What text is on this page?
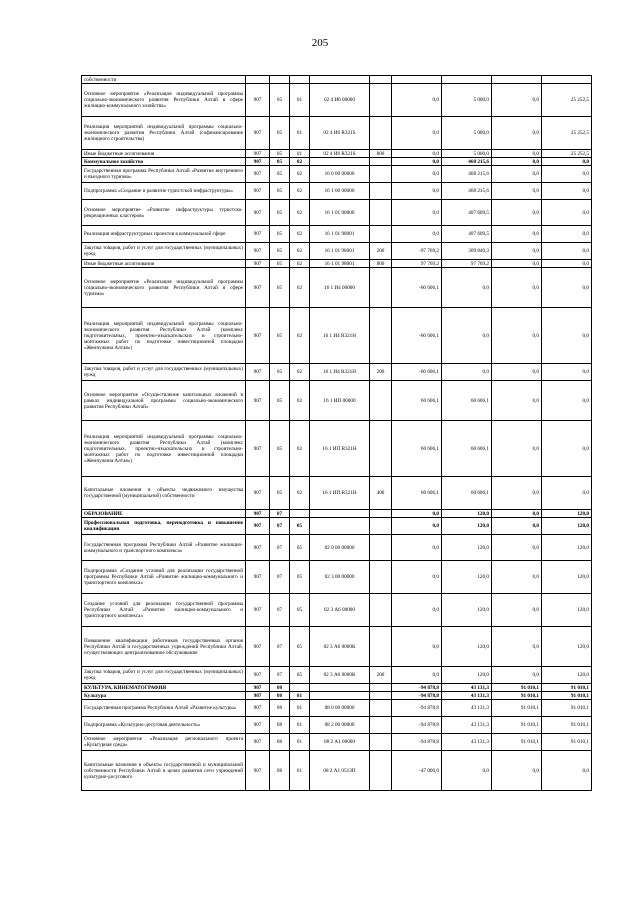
205
собственности									
Основное мероприятие «Реализация индивидуальной программы социально-экономического развития Республики Алтай в сфере жилищно-коммунального хозяйства»	907	05	01	02 4 И6 00000		0,0	5 000,0	0,0	25 252,5
Реализация мероприятий индивидуальной программы социально-экономического развития Республики Алтай (софинансирование жилищного строительства)	907	05	01	02 4 И6 R321S		0,0	5 000,0	0,0	25 252,5
Иные бюджетные ассигнования	907	05	01	02 4 И6 R321S	800	0,0	5 000,0	0,0	25 252,5
Коммунальное хозяйство	907	05	02			0,0	468 215,6	0,0	0,0
Государственная программа Республики Алтай «Развитие внутреннего и въездного туризма»	907	05	02	16 0 00 00000		0,0	468 215,6	0,0	0,0
Подпрограмма «Создание и развитие туристской инфраструктуры»	907	05	02	16 1 00 00000		0,0	468 215,6	0,0	0,0
Основное мероприятие «Развитие инфраструктуры туристско-рекреационных кластеров»	907	05	02	16 1 01 00000		0,0	407 609,5	0,0	0,0
Реализация инфраструктурных проектов в коммунальной сфере	907	05	02	16 1 01 98001		0,0	407 609,5	0,0	0,0
Закупка товаров, работ и услуг для государственных (муниципальных) нужд	907	05	02	16 1 01 98001	200	-97 769,2	309 840,3	0,0	0,0
Иные бюджетные ассигнования	907	05	02	16 1 01 98001	800	97 769,2	97 769,2	0,0	0,0
Основное мероприятие «Реализация индивидуальной программы социально-экономического развития Республики Алтай в сфере туризма»	907	05	02	16 1 И4 00000		-60 606,1	0,0	0,0	0,0
Реализация мероприятий индивидуальной программы социально-экономического развития Республики Алтай (комплекс подготовительных, проектно-изыскательских и строительно-монтажных работ по подготовке инвестиционной площадки «Жемчужина Алтая»)	907	05	02	16 1 И4 R321Н		-60 606,1	0,0	0,0	0,0
Закупка товаров, работ и услуг для государственных (муниципальных) нужд	907	05	02	16 1 И4 R321Н	200	-60 606,1	0,0	0,0	0,0
Основное мероприятие «Осуществление капитальных вложений в рамках индивидуальной программы социально-экономического развития Республики Алтай»	907	05	02	16 1 ИП 00000		60 606,1	60 606,1	0,0	0,0
Реализация мероприятий индивидуальной программы социально-экономического развития Республики Алтай (комплекс подготовительных, проектно-изыскательских и строительно-монтажных работ по подготовке инвестиционной площадки «Жемчужина Алтая»)	907	05	02	16 1 ИП R321Н		60 606,1	60 606,1	0,0	0,0
Капитальные вложения в объекты недвижимого имущества государственной (муниципальной) собственности	907	05	02	16 1 ИП R321Н	400	60 606,1	60 606,1	0,0	0,0
ОБРАЗОВАНИЕ	907	07				0,0	120,0	0,0	120,0
Профессиональная подготовка, переподготовка и повышение квалификации	907	07	05			0,0	120,0	0,0	120,0
Государственная программа Республики Алтай «Развитие жилищно-коммунального и транспортного комплекса»	907	07	05	02 0 00 00000		0,0	120,0	0,0	120,0
Подпрограмма «Создание условий для реализации государственной программы Республики Алтай «Развитие жилищно-коммунального и транспортного комплекса»	907	07	05	02 3 00 00000		0,0	120,0	0,0	120,0
Создание условий для реализации государственной программы Республики Алтай «Развитие жилищно-коммунального и транспортного комплекса»	907	07	05	02 3 А6 00000		0,0	120,0	0,0	120,0
Повышение квалификации работников государственных органов Республики Алтай и государственных учреждений Республики Алтай, осуществляющих централизованное обслуживание	907	07	05	02 3 А6 0000К		0,0	120,0	0,0	120,0
Закупка товаров, работ и услуг для государственных (муниципальных) нужд	907	07	05	02 3 А6 0000К	200	0,0	120,0	0,0	120,0
КУЛЬТУРА, КИНЕМАТОГРАФИЯ	907	08				-94 878,8	43 131,3	91 010,1	91 010,1
Культура	907	08	01			-94 878,8	43 131,3	91 010,1	91 010,1
Государственная программа Республики Алтай «Развитие культуры»	907	08	01	08 0 00 00000		-94 878,8	43 131,3	91 010,1	91 010,1
Подпрограмма «Культурно-досуговая деятельность»	907	08	01	08 2 00 00000		-94 878,8	43 131,3	91 010,1	91 010,1
Основное мероприятие «Реализация регионального проекта «Культурная среда»	907	08	01	08 2 А1 00000		-94 878,8	43 131,3	91 010,1	91 010,1
Капитальные вложения в объекты государственной и муниципальной собственности Республики Алтай в целях развития сети учреждений культурно-досугового	907	08	01	08 2 А1 0513П		-47 000,0	0,0	0,0	0,0
